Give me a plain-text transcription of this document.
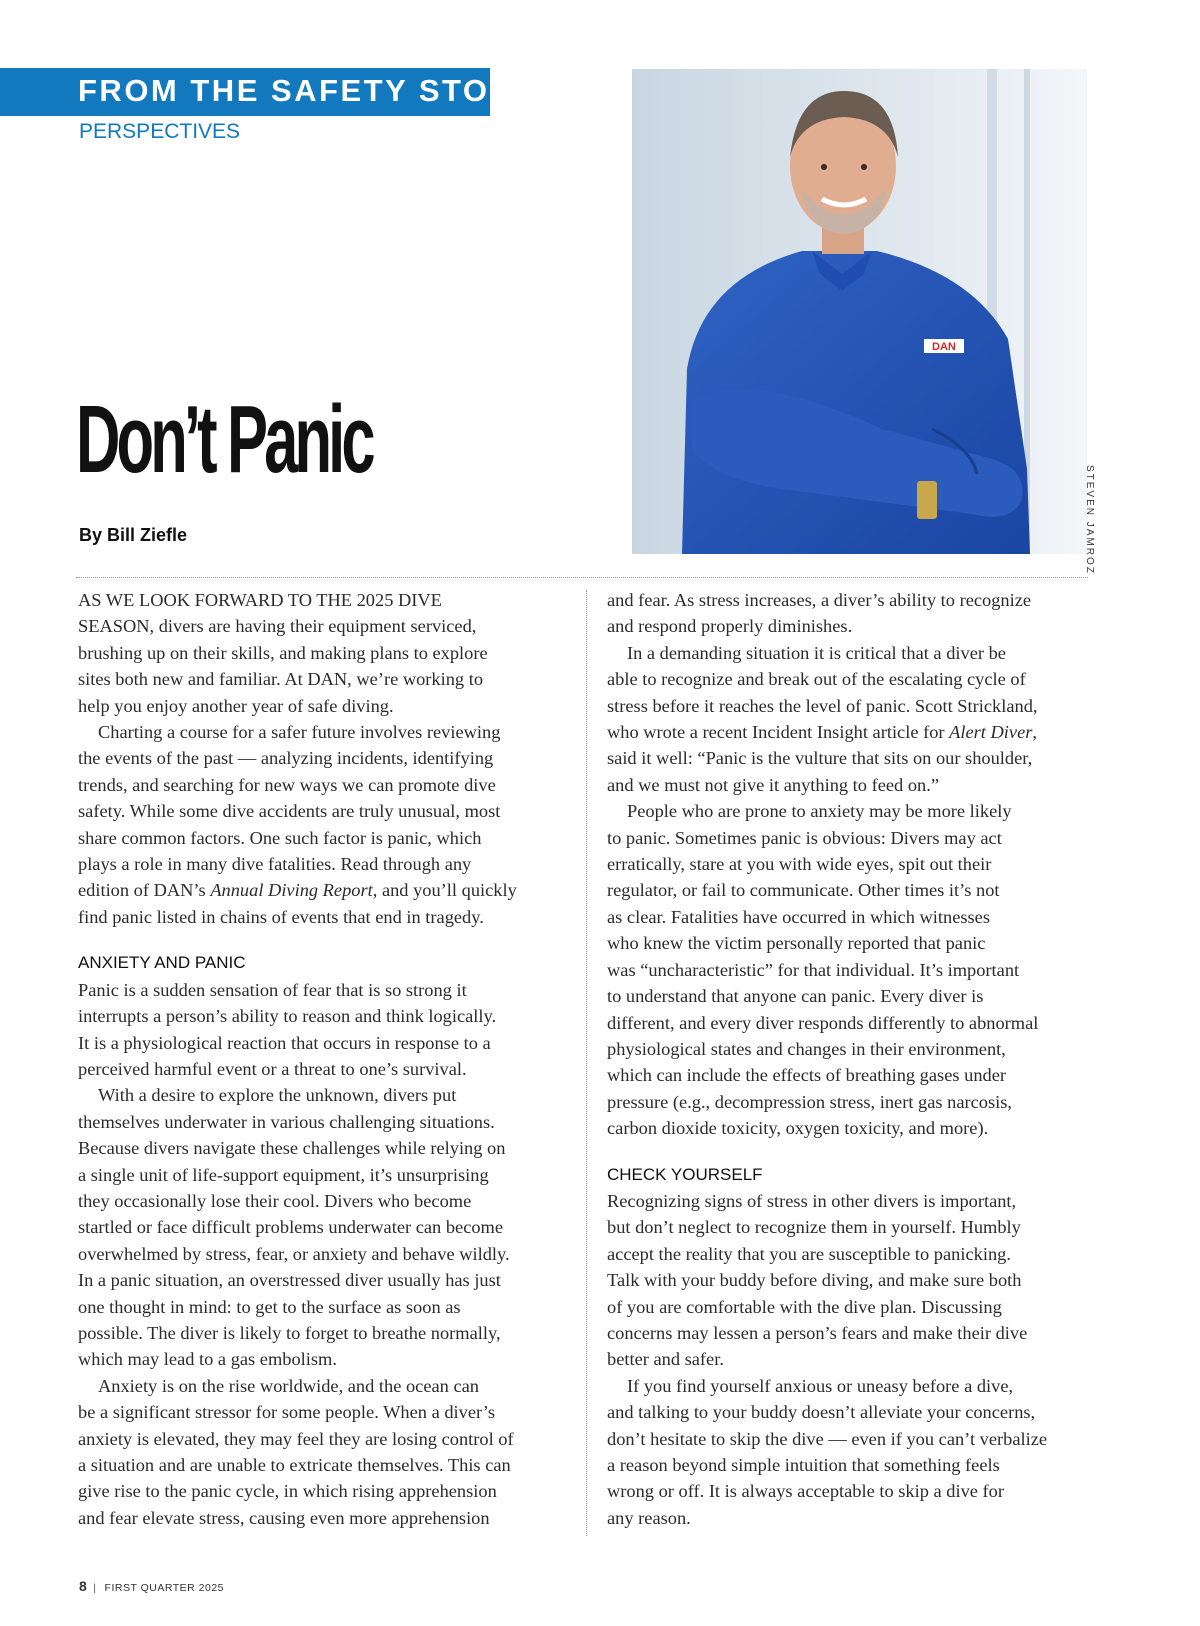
FROM THE SAFETY STOP
PERSPECTIVES
DAN
STEVEN JAMROZ
Don’t Panic
By Bill Ziefle

AS WE LOOK FORWARD TO THE 2025 DIVE
SEASON, divers are having their equipment serviced,
brushing up on their skills, and making plans to explore
sites both new and familiar. At DAN, we’re working to
help you enjoy another year of safe diving.

Charting a course for a safer future involves reviewing
the events of the past — analyzing incidents, identifying
trends, and searching for new ways we can promote dive
safety. While some dive accidents are truly unusual, most
share common factors. One such factor is panic, which
plays a role in many dive fatalities. Read through any
edition of DAN’s Annual Diving Report, and you’ll quickly
find panic listed in chains of events that end in tragedy.

ANXIETY AND PANIC

Panic is a sudden sensation of fear that is so strong it
interrupts a person’s ability to reason and think logically.
It is a physiological reaction that occurs in response to a
perceived harmful event or a threat to one’s survival.

With a desire to explore the unknown, divers put
themselves underwater in various challenging situations.
Because divers navigate these challenges while relying on
a single unit of life-support equipment, it’s unsurprising
they occasionally lose their cool. Divers who become
startled or face difficult problems underwater can become
overwhelmed by stress, fear, or anxiety and behave wildly.
In a panic situation, an overstressed diver usually has just
one thought in mind: to get to the surface as soon as
possible. The diver is likely to forget to breathe normally,
which may lead to a gas embolism.

Anxiety is on the rise worldwide, and the ocean can
be a significant stressor for some people. When a diver’s
anxiety is elevated, they may feel they are losing control of
a situation and are unable to extricate themselves. This can
give rise to the panic cycle, in which rising apprehension
and fear elevate stress, causing even more apprehension

and fear. As stress increases, a diver’s ability to recognize
and respond properly diminishes.

In a demanding situation it is critical that a diver be
able to recognize and break out of the escalating cycle of
stress before it reaches the level of panic. Scott Strickland,
who wrote a recent Incident Insight article for Alert Diver,
said it well: “Panic is the vulture that sits on our shoulder,
and we must not give it anything to feed on.”

People who are prone to anxiety may be more likely
to panic. Sometimes panic is obvious: Divers may act
erratically, stare at you with wide eyes, spit out their
regulator, or fail to communicate. Other times it’s not
as clear. Fatalities have occurred in which witnesses
who knew the victim personally reported that panic
was “uncharacteristic” for that individual. It’s important
to understand that anyone can panic. Every diver is
different, and every diver responds differently to abnormal
physiological states and changes in their environment,
which can include the effects of breathing gases under
pressure (e.g., decompression stress, inert gas narcosis,
carbon dioxide toxicity, oxygen toxicity, and more).

CHECK YOURSELF

Recognizing signs of stress in other divers is important,
but don’t neglect to recognize them in yourself. Humbly
accept the reality that you are susceptible to panicking.
Talk with your buddy before diving, and make sure both
of you are comfortable with the dive plan. Discussing
concerns may lessen a person’s fears and make their dive
better and safer.

If you find yourself anxious or uneasy before a dive,
and talking to your buddy doesn’t alleviate your concerns,
don’t hesitate to skip the dive — even if you can’t verbalize
a reason beyond simple intuition that something feels
wrong or off. It is always acceptable to skip a dive for
any reason.

8 | FIRST QUARTER 2025
